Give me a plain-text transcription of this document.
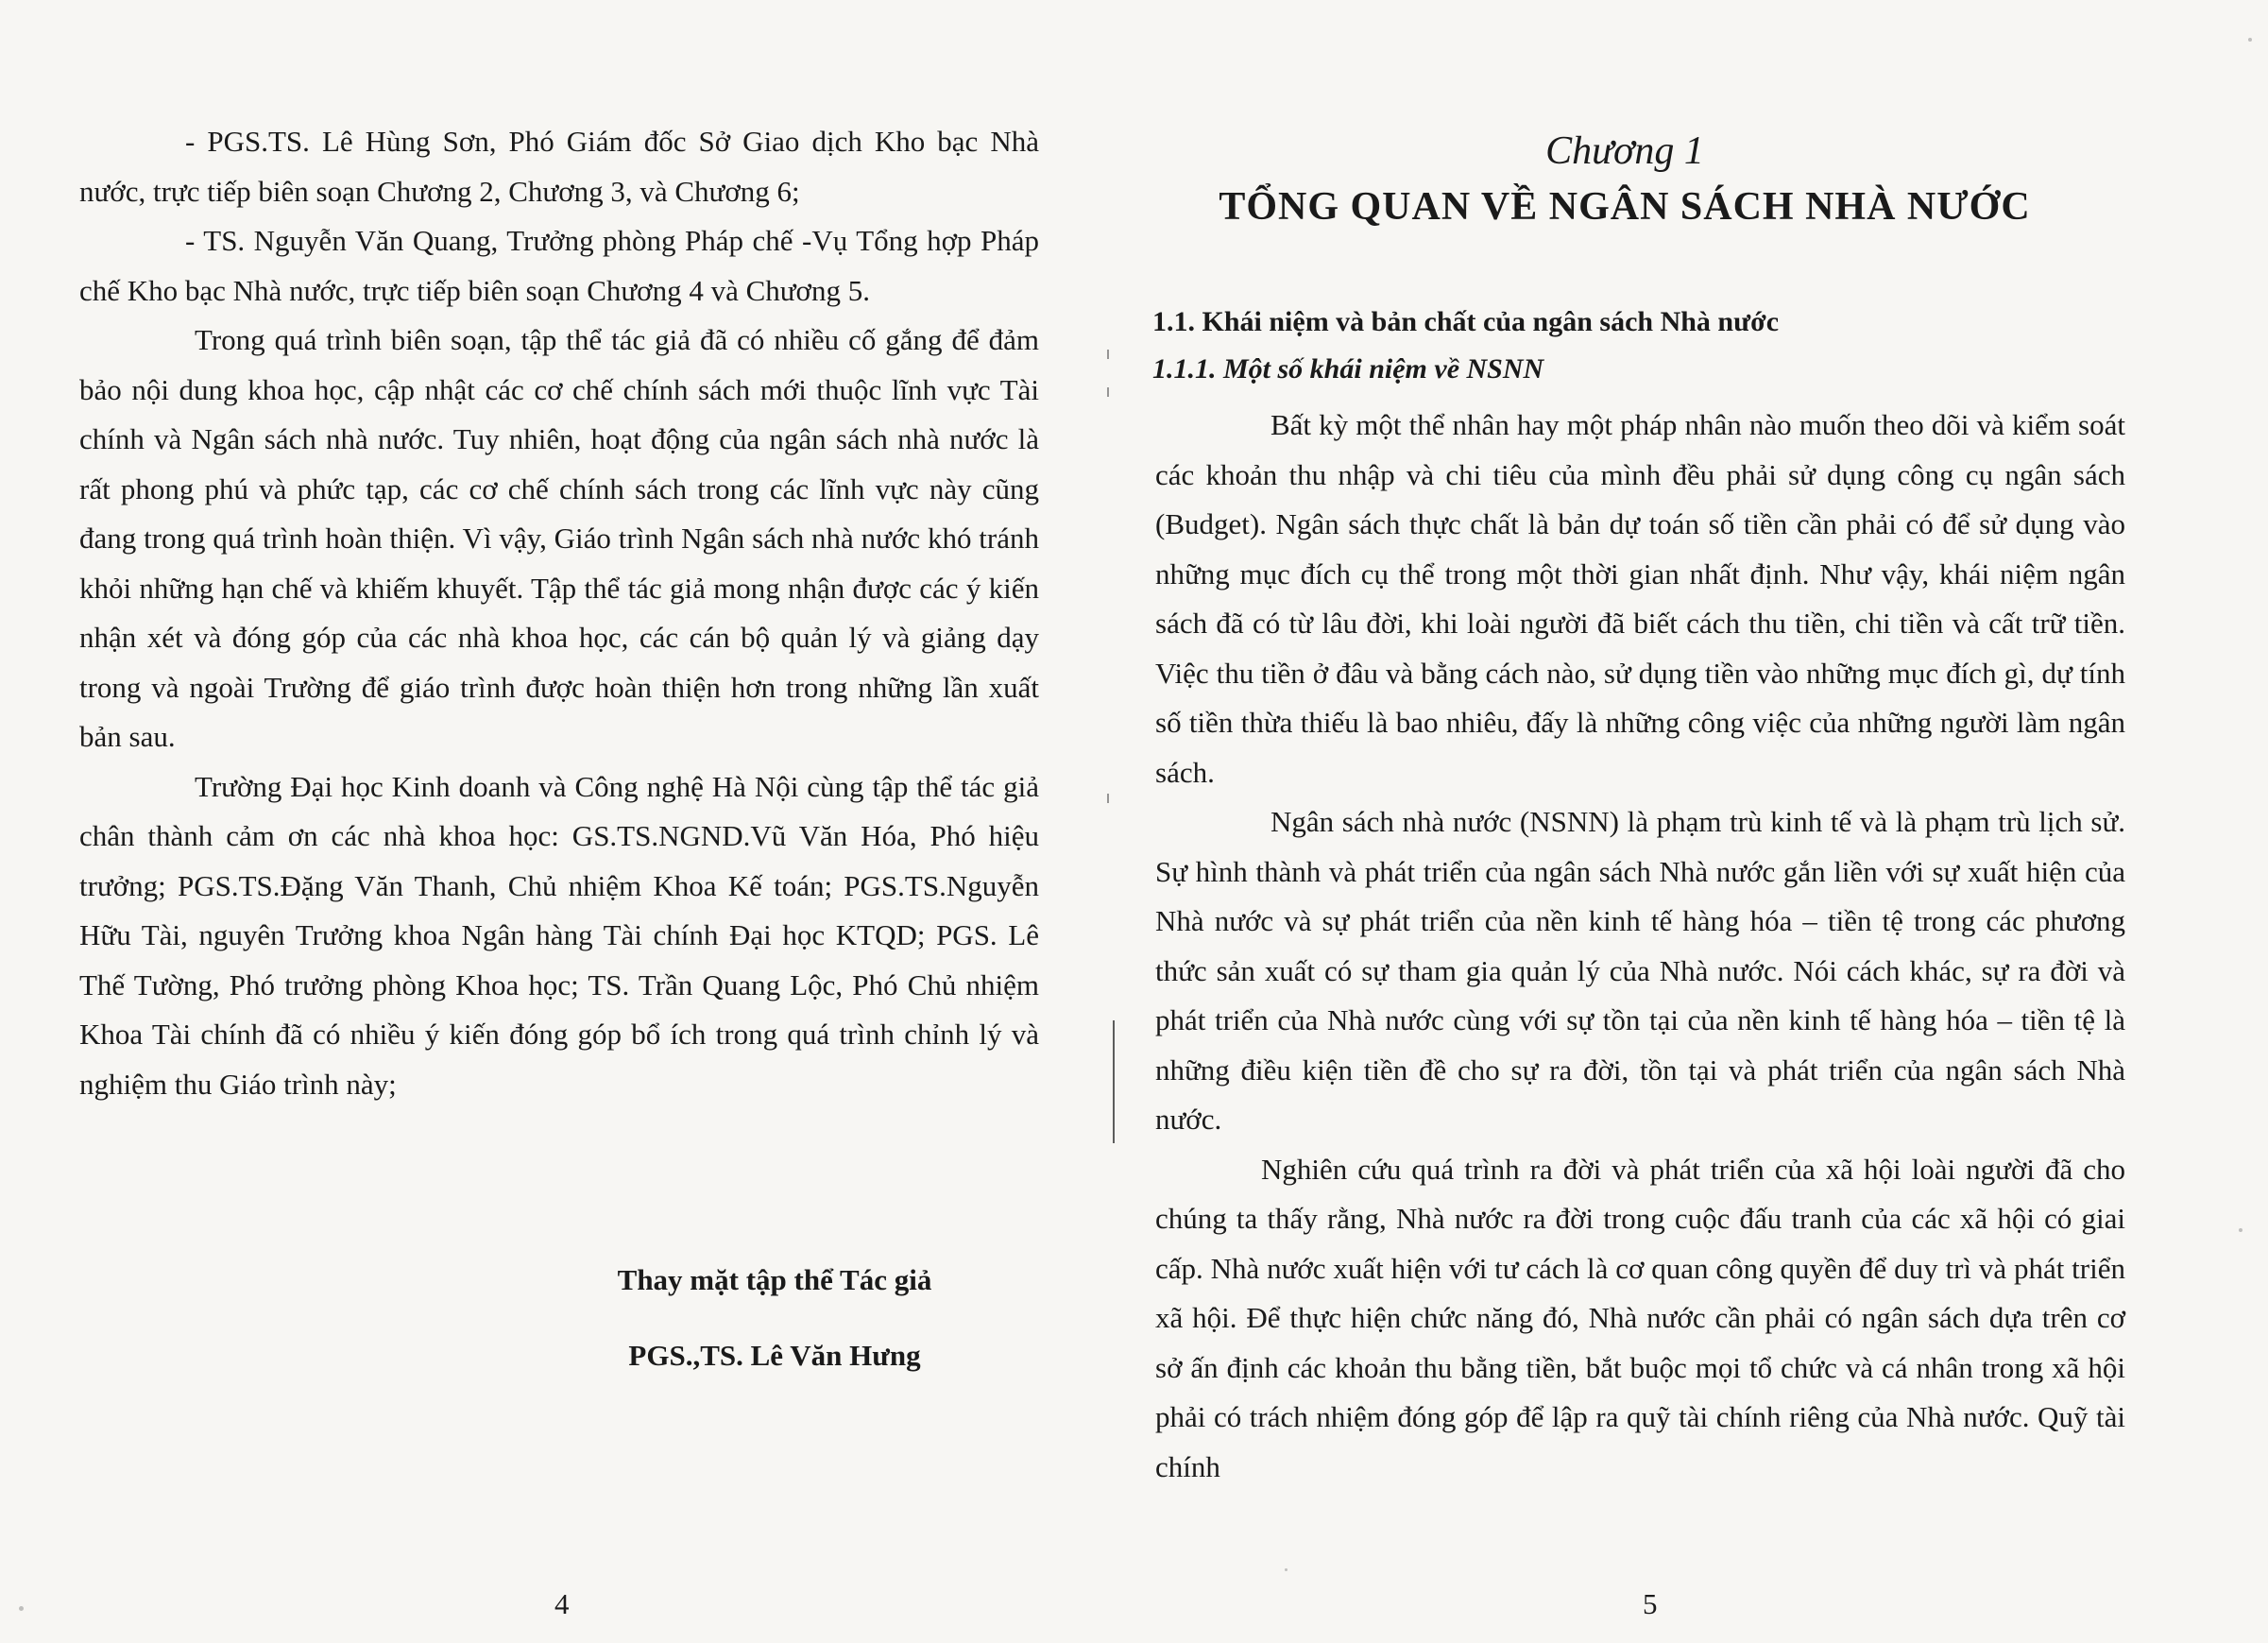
- PGS.TS. Lê Hùng Sơn, Phó Giám đốc Sở Giao dịch Kho bạc Nhà nước, trực tiếp biên soạn Chương 2, Chương 3, và Chương 6;

- TS. Nguyễn Văn Quang, Trưởng phòng Pháp chế -Vụ Tổng hợp Pháp chế Kho bạc Nhà nước, trực tiếp biên soạn Chương 4 và Chương 5.

Trong quá trình biên soạn, tập thể tác giả đã có nhiều cố gắng để đảm bảo nội dung khoa học, cập nhật các cơ chế chính sách mới thuộc lĩnh vực Tài chính và Ngân sách nhà nước. Tuy nhiên, hoạt động của ngân sách nhà nước là rất phong phú và phức tạp, các cơ chế chính sách trong các lĩnh vực này cũng đang trong quá trình hoàn thiện. Vì vậy, Giáo trình Ngân sách nhà nước khó tránh khỏi những hạn chế và khiếm khuyết. Tập thể tác giả mong nhận được các ý kiến nhận xét và đóng góp của các nhà khoa học, các cán bộ quản lý và giảng dạy trong và ngoài Trường để giáo trình được hoàn thiện hơn trong những lần xuất bản sau.

Trường Đại học Kinh doanh và Công nghệ Hà Nội cùng tập thể tác giả chân thành cảm ơn các nhà khoa học: GS.TS.NGND.Vũ Văn Hóa, Phó hiệu trưởng; PGS.TS.Đặng Văn Thanh, Chủ nhiệm Khoa Kế toán; PGS.TS.Nguyễn Hữu Tài, nguyên Trưởng khoa Ngân hàng Tài chính Đại học KTQD; PGS. Lê Thế Tường, Phó trưởng phòng Khoa học; TS. Trần Quang Lộc, Phó Chủ nhiệm Khoa Tài chính đã có nhiều ý kiến đóng góp bổ ích trong quá trình chỉnh lý và nghiệm thu Giáo trình này;

Thay mặt tập thể Tác giả
PGS.,TS. Lê Văn Hưng
4
Chương 1
TỔNG QUAN VỀ NGÂN SÁCH NHÀ NƯỚC
1.1. Khái niệm và bản chất của ngân sách Nhà nước
1.1.1. Một số khái niệm về NSNN

Bất kỳ một thể nhân hay một pháp nhân nào muốn theo dõi và kiểm soát các khoản thu nhập và chi tiêu của mình đều phải sử dụng công cụ ngân sách (Budget). Ngân sách thực chất là bản dự toán số tiền cần phải có để sử dụng vào những mục đích cụ thể trong một thời gian nhất định. Như vậy, khái niệm ngân sách đã có từ lâu đời, khi loài người đã biết cách thu tiền, chi tiền và cất trữ tiền. Việc thu tiền ở đâu và bằng cách nào, sử dụng tiền vào những mục đích gì, dự tính số tiền thừa thiếu là bao nhiêu, đấy là những công việc của những người làm ngân sách.

Ngân sách nhà nước (NSNN) là phạm trù kinh tế và là phạm trù lịch sử. Sự hình thành và phát triển của ngân sách Nhà nước gắn liền với sự xuất hiện của Nhà nước và sự phát triển của nền kinh tế hàng hóa – tiền tệ trong các phương thức sản xuất có sự tham gia quản lý của Nhà nước. Nói cách khác, sự ra đời và phát triển của Nhà nước cùng với sự tồn tại của nền kinh tế hàng hóa – tiền tệ là những điều kiện tiền đề cho sự ra đời, tồn tại và phát triển của ngân sách Nhà nước.

Nghiên cứu quá trình ra đời và phát triển của xã hội loài người đã cho chúng ta thấy rằng, Nhà nước ra đời trong cuộc đấu tranh của các xã hội có giai cấp. Nhà nước xuất hiện với tư cách là cơ quan công quyền để duy trì và phát triển xã hội. Để thực hiện chức năng đó, Nhà nước cần phải có ngân sách dựa trên cơ sở ấn định các khoản thu bằng tiền, bắt buộc mọi tổ chức và cá nhân trong xã hội phải có trách nhiệm đóng góp để lập ra quỹ tài chính riêng của Nhà nước. Quỹ tài chính

5
